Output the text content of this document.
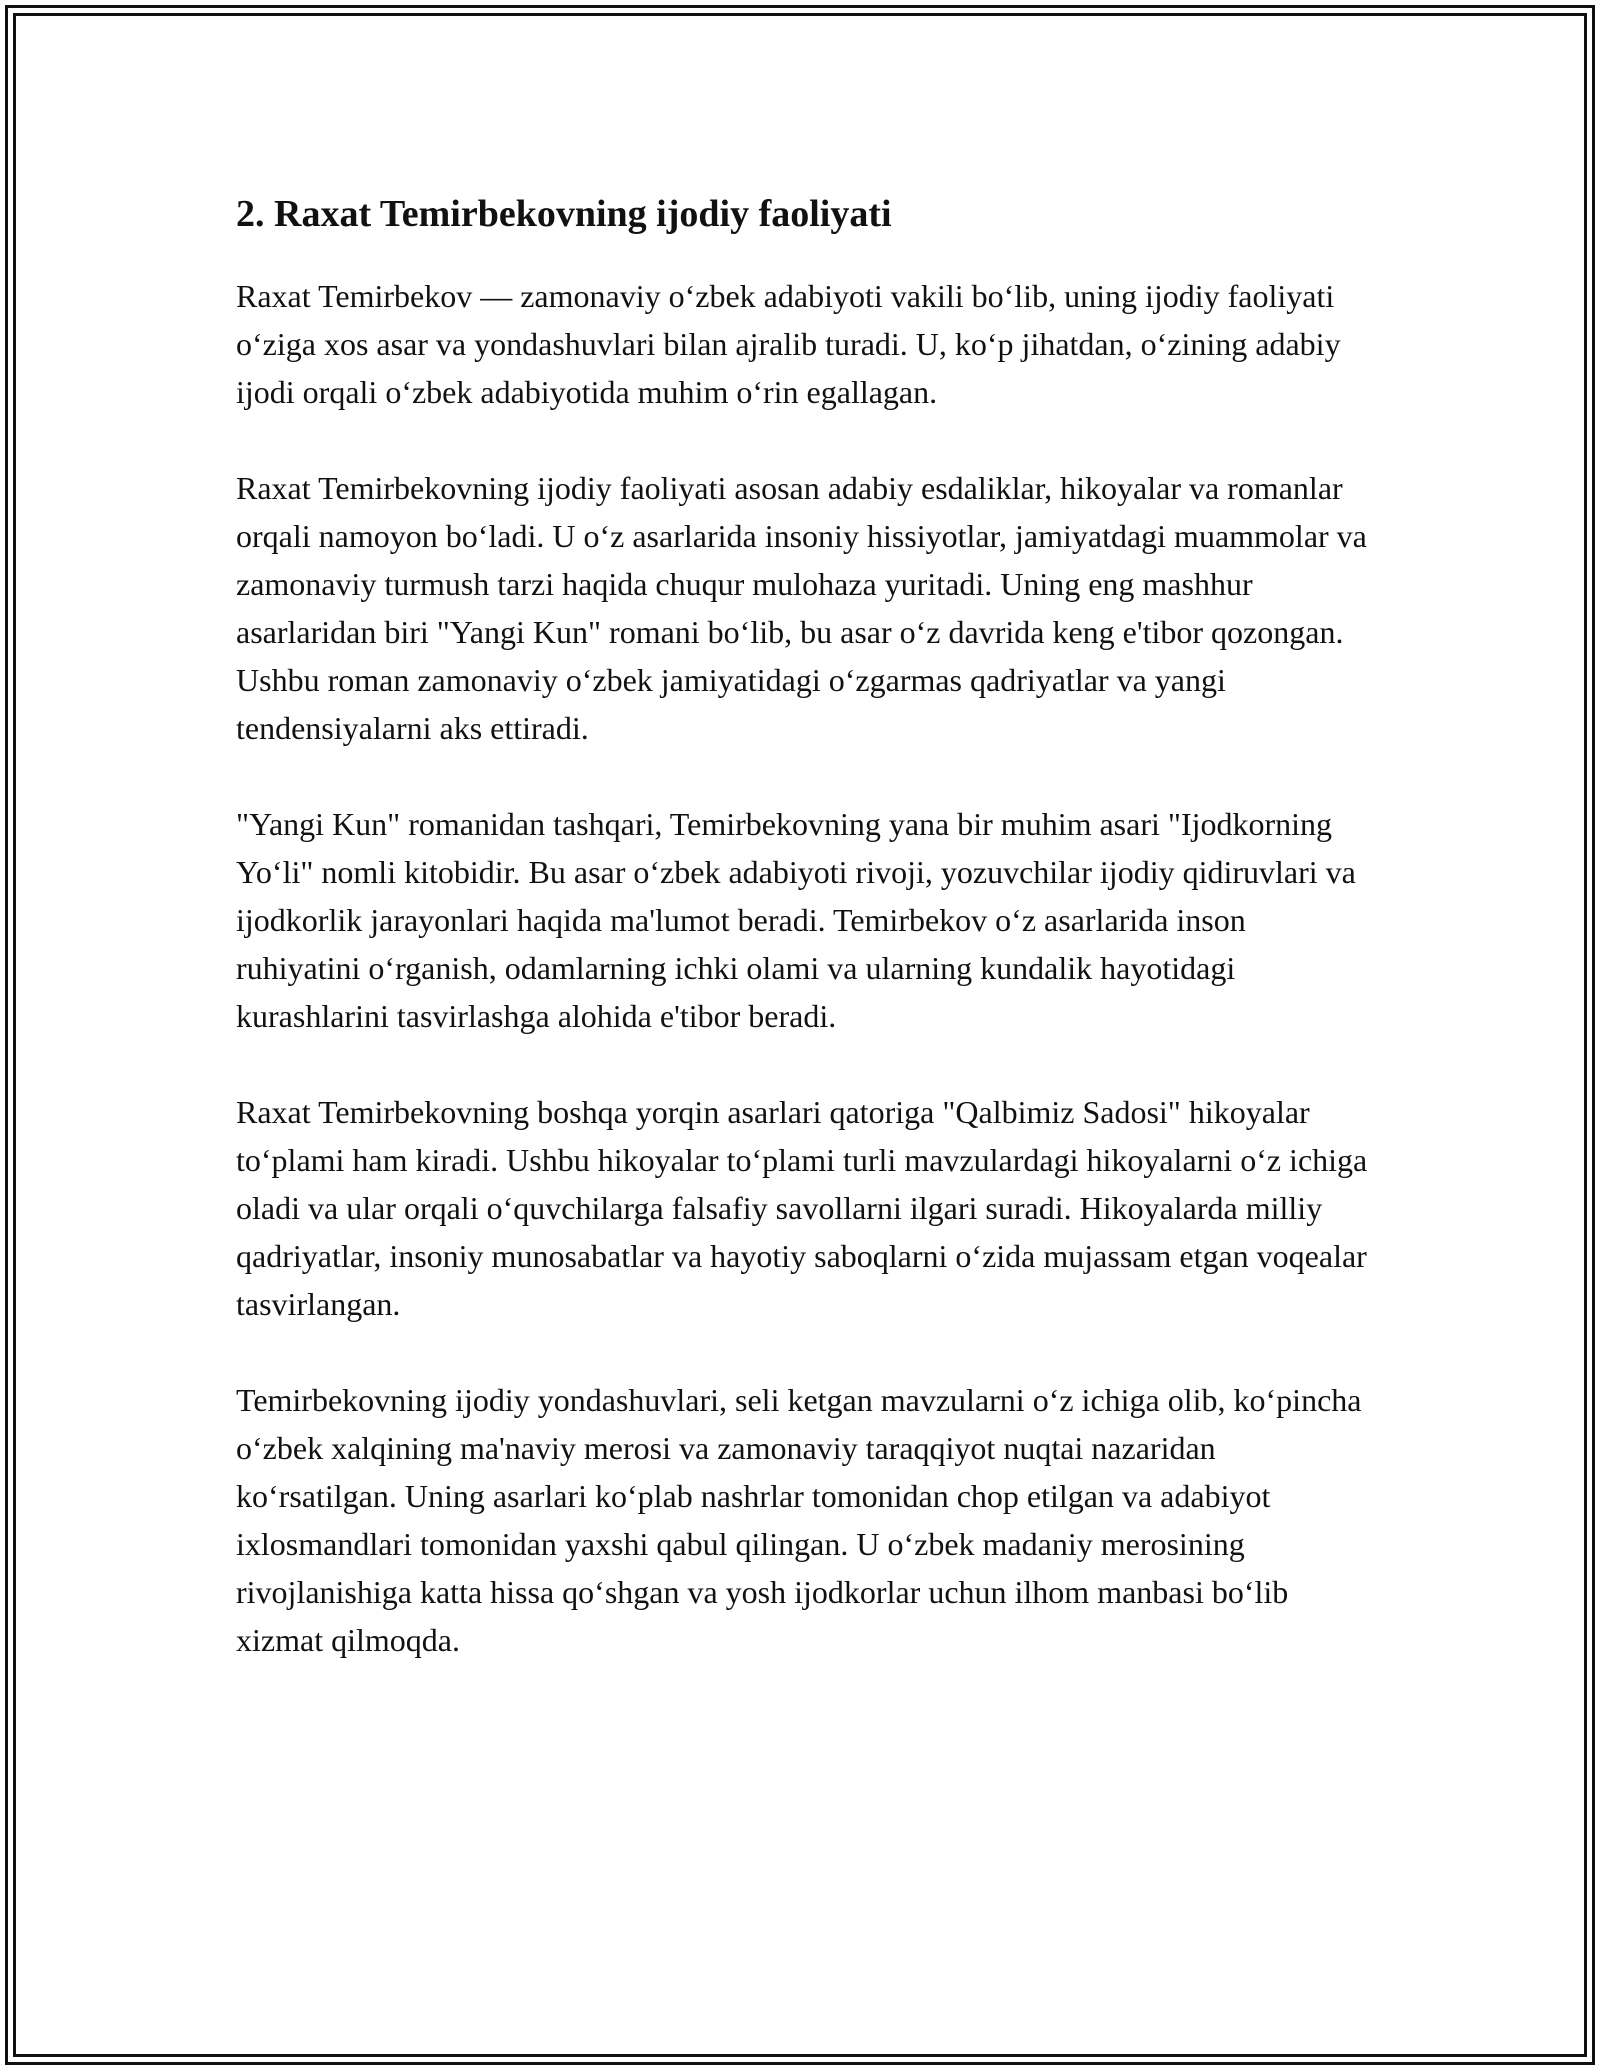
2. Raxat Temirbekovning ijodiy faoliyati

Raxat Temirbekov — zamonaviy o‘zbek adabiyoti vakili bo‘lib, uning ijodiy faoliyati o‘ziga xos asar va yondashuvlari bilan ajralib turadi. U, ko‘p jihatdan, o‘zining adabiy ijodi orqali o‘zbek adabiyotida muhim o‘rin egallagan.

Raxat Temirbekovning ijodiy faoliyati asosan adabiy esdaliklar, hikoyalar va romanlar orqali namoyon bo‘ladi. U o‘z asarlarida insoniy hissiyotlar, jamiyatdagi muammolar va zamonaviy turmush tarzi haqida chuqur mulohaza yuritadi. Uning eng mashhur asarlaridan biri "Yangi Kun" romani bo‘lib, bu asar o‘z davrida keng e'tibor qozongan. Ushbu roman zamonaviy o‘zbek jamiyatidagi o‘zgarmas qadriyatlar va yangi tendensiyalarni aks ettiradi.

"Yangi Kun" romanidan tashqari, Temirbekovning yana bir muhim asari "Ijodkorning Yo‘li" nomli kitobidir. Bu asar o‘zbek adabiyoti rivoji, yozuvchilar ijodiy qidiruvlari va ijodkorlik jarayonlari haqida ma'lumot beradi. Temirbekov o‘z asarlarida inson ruhiyatini o‘rganish, odamlarning ichki olami va ularning kundalik hayotidagi kurashlarini tasvirlashga alohida e'tibor beradi.

Raxat Temirbekovning boshqa yorqin asarlari qatoriga "Qalbimiz Sadosi" hikoyalar to‘plami ham kiradi. Ushbu hikoyalar to‘plami turli mavzulardagi hikoyalarni o‘z ichiga oladi va ular orqali o‘quvchilarga falsafiy savollarni ilgari suradi. Hikoyalarda milliy qadriyatlar, insoniy munosabatlar va hayotiy saboqlarni o‘zida mujassam etgan voqealar tasvirlangan.

Temirbekovning ijodiy yondashuvlari, seli ketgan mavzularni o‘z ichiga olib, ko‘pincha o‘zbek xalqining ma'naviy merosi va zamonaviy taraqqiyot nuqtai nazaridan ko‘rsatilgan. Uning asarlari ko‘plab nashrlar tomonidan chop etilgan va adabiyot ixlosmandlari tomonidan yaxshi qabul qilingan. U o‘zbek madaniy merosining rivojlanishiga katta hissa qo‘shgan va yosh ijodkorlar uchun ilhom manbasi bo‘lib xizmat qilmoqda.
